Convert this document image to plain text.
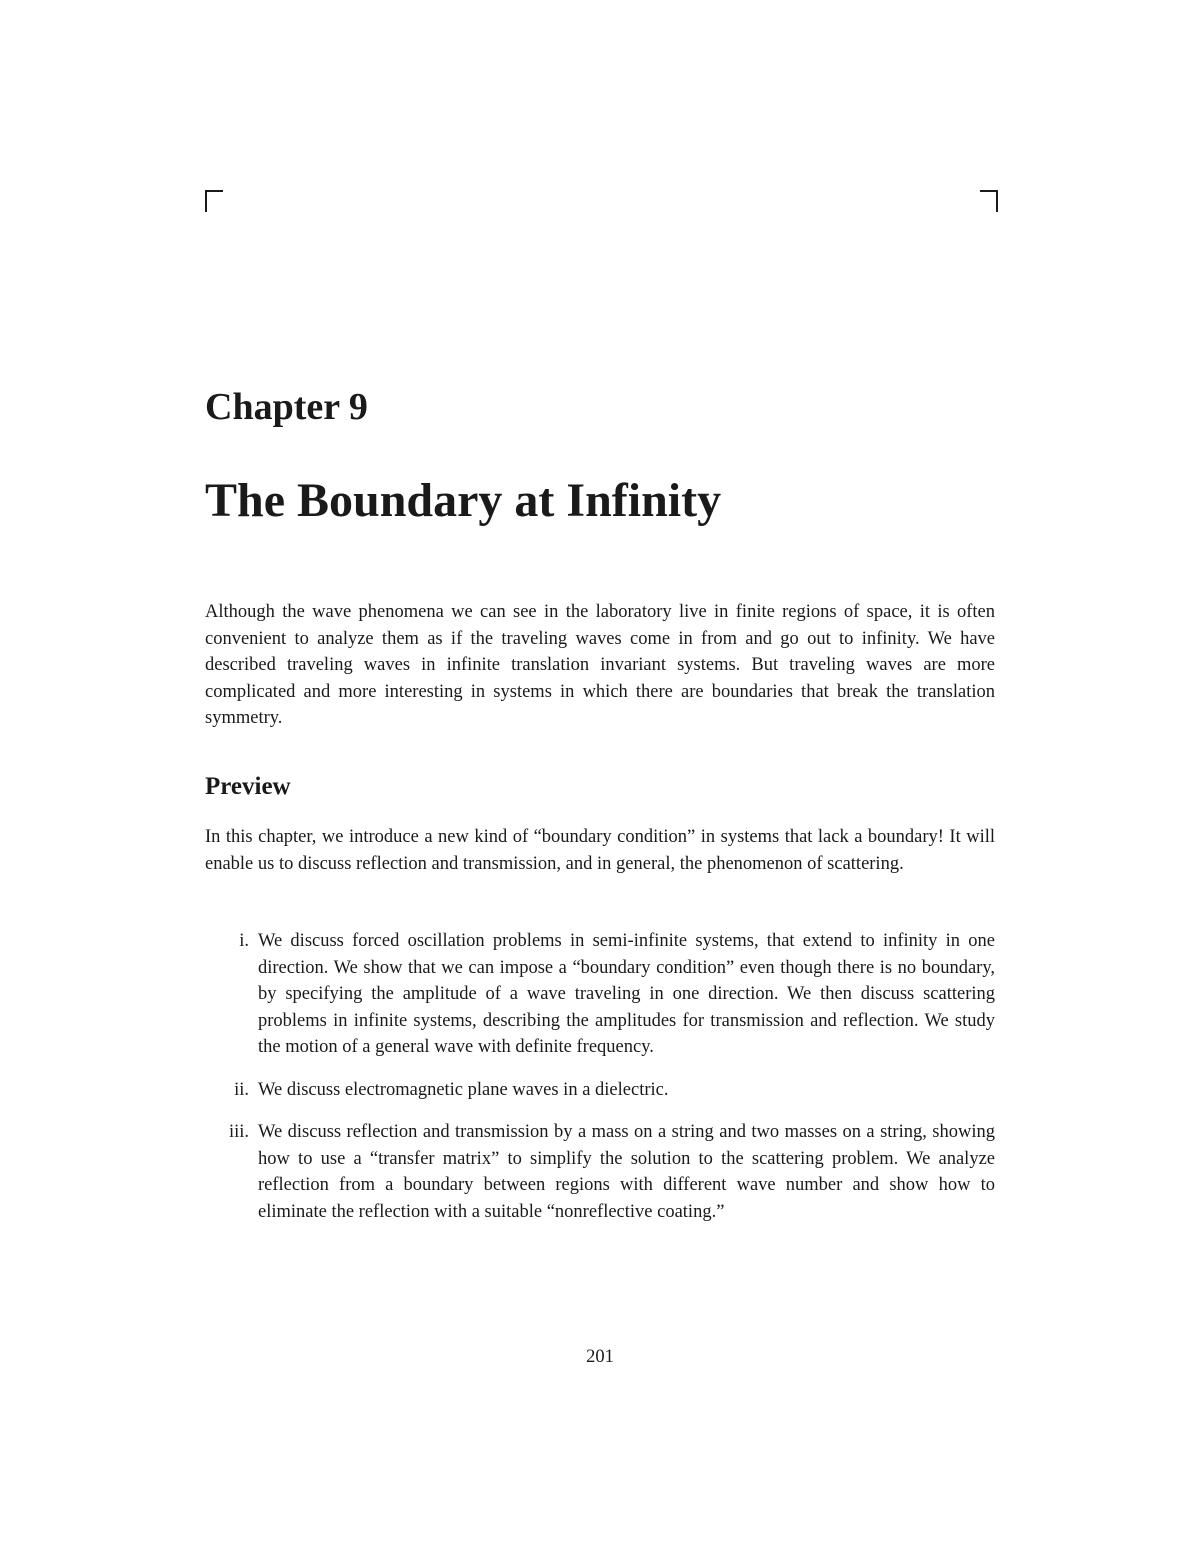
Chapter 9
The Boundary at Infinity

Although the wave phenomena we can see in the laboratory live in finite regions of space, it is often convenient to analyze them as if the traveling waves come in from and go out to infinity. We have described traveling waves in infinite translation invariant systems. But traveling waves are more complicated and more interesting in systems in which there are boundaries that break the translation symmetry.

Preview

In this chapter, we introduce a new kind of “boundary condition” in systems that lack a boundary! It will enable us to discuss reflection and transmission, and in general, the phenomenon of scattering.

i. We discuss forced oscillation problems in semi-infinite systems, that extend to infinity in one direction. We show that we can impose a “boundary condition” even though there is no boundary, by specifying the amplitude of a wave traveling in one direction. We then discuss scattering problems in infinite systems, describing the amplitudes for transmission and reflection. We study the motion of a general wave with definite frequency.
ii. We discuss electromagnetic plane waves in a dielectric.
iii. We discuss reflection and transmission by a mass on a string and two masses on a string, showing how to use a “transfer matrix” to simplify the solution to the scattering problem. We analyze reflection from a boundary between regions with different wave number and show how to eliminate the reflection with a suitable “nonreflective coating.”

201
